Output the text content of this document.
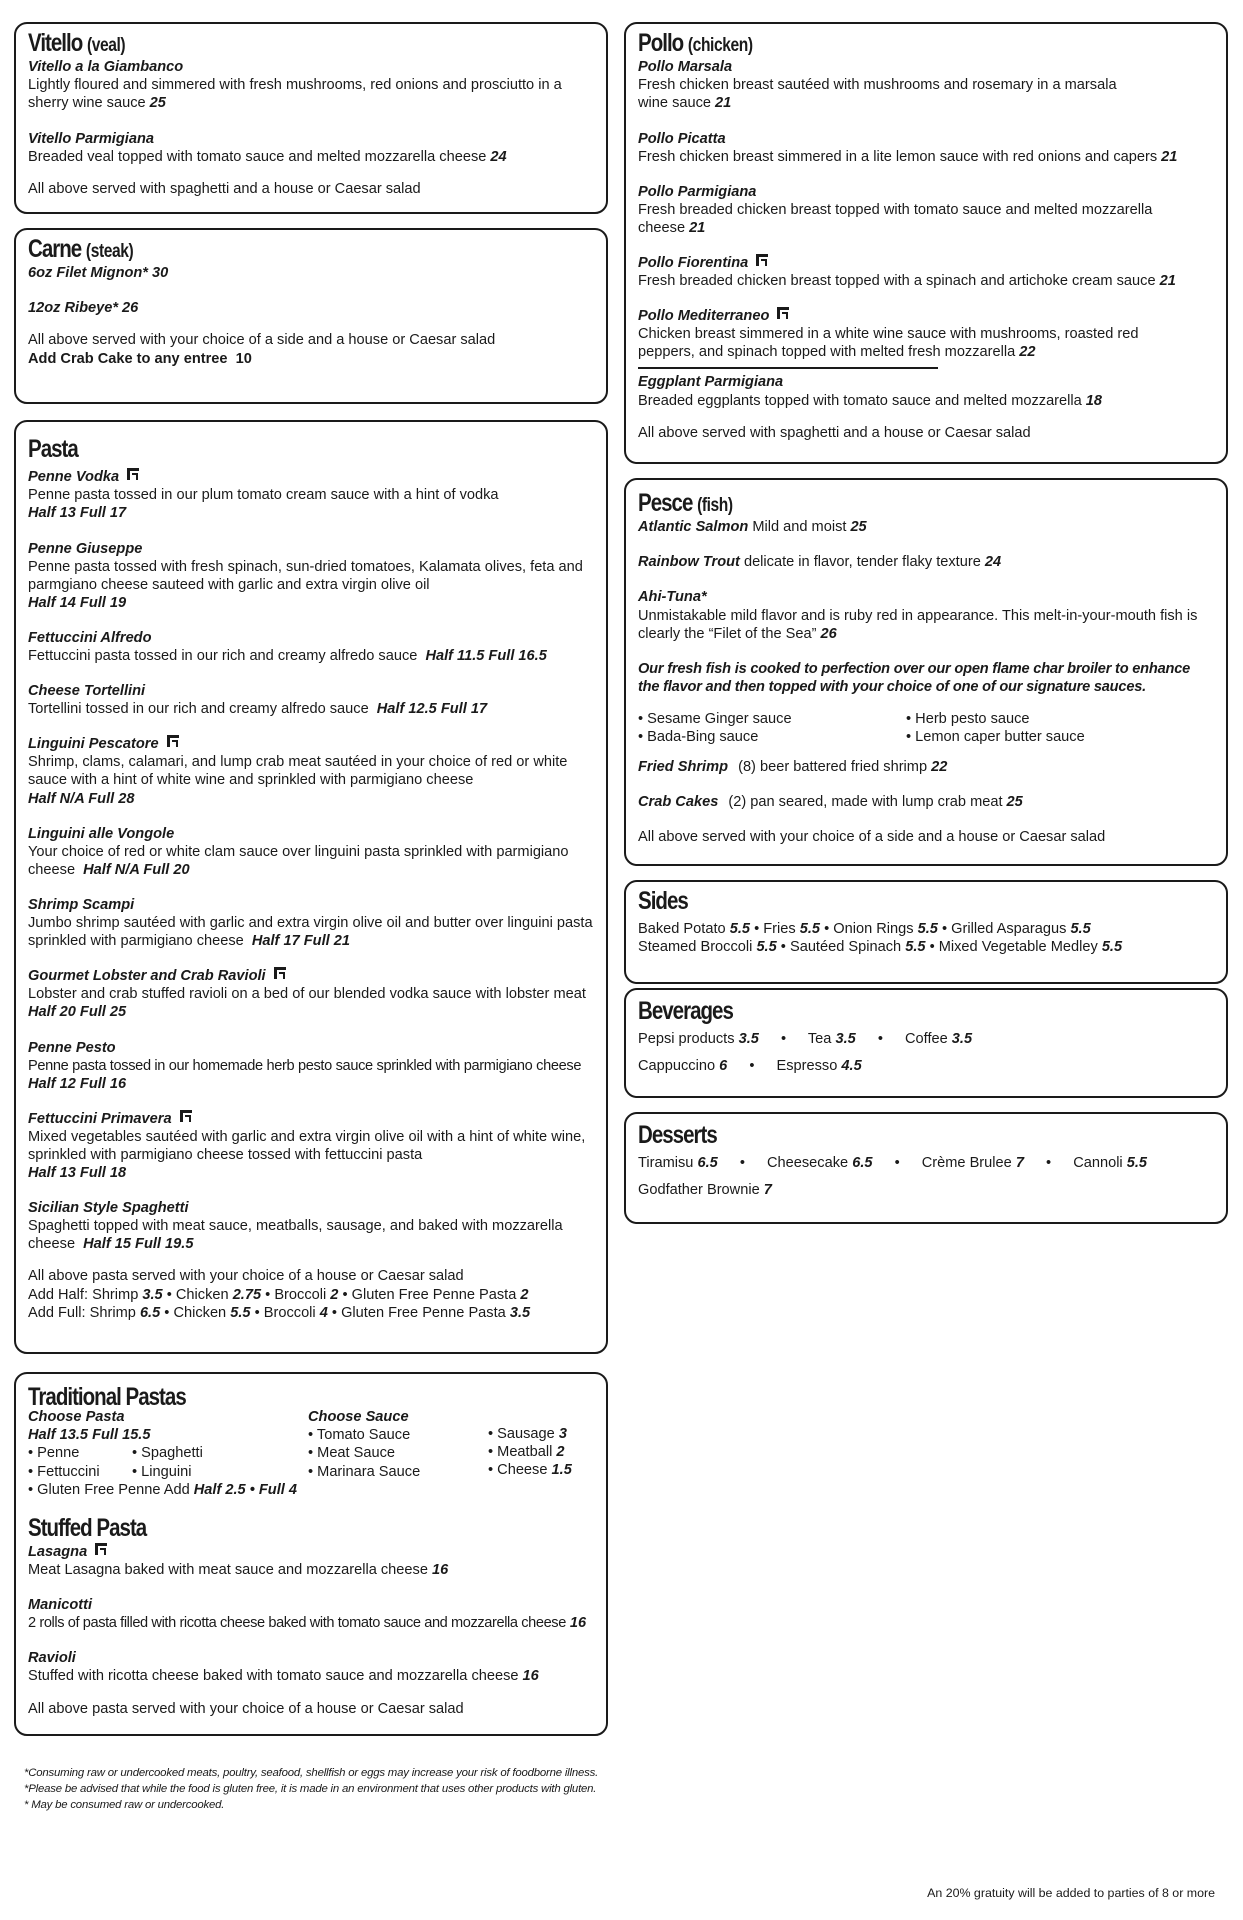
Vitello (veal)
Vitello a la Giambanco
Lightly floured and simmered with fresh mushrooms, red onions and prosciutto in a sherry wine sauce 25
Vitello Parmigiana
Breaded veal topped with tomato sauce and melted mozzarella cheese 24
All above served with spaghetti and a house or Caesar salad
Carne (steak)
6oz Filet Mignon* 30
12oz Ribeye* 26
All above served with your choice of a side and a house or Caesar salad
Add Crab Cake to any entree 10
Pasta
Penne Vodka
Penne pasta tossed in our plum tomato cream sauce with a hint of vodka
Half 13 Full 17
Penne Giuseppe
Penne pasta tossed with fresh spinach, sun-dried tomatoes, Kalamata olives, feta and parmgiano cheese sauteed with garlic and extra virgin olive oil
Half 14 Full 19
Fettuccini Alfredo
Fettuccini pasta tossed in our rich and creamy alfredo sauce Half 11.5 Full 16.5
Cheese Tortellini
Tortellini tossed in our rich and creamy alfredo sauce Half 12.5 Full 17
Linguini Pescatore
Shrimp, clams, calamari, and lump crab meat sautéed in your choice of red or white sauce with a hint of white wine and sprinkled with parmigiano cheese
Half N/A Full 28
Linguini alle Vongole
Your choice of red or white clam sauce over linguini pasta sprinkled with parmigiano cheese Half N/A Full 20
Shrimp Scampi
Jumbo shrimp sautéed with garlic and extra virgin olive oil and butter over linguini pasta sprinkled with parmigiano cheese Half 17 Full 21
Gourmet Lobster and Crab Ravioli
Lobster and crab stuffed ravioli on a bed of our blended vodka sauce with lobster meat
Half 20 Full 25
Penne Pesto
Penne pasta tossed in our homemade herb pesto sauce sprinkled with parmigiano cheese
Half 12 Full 16
Fettuccini Primavera
Mixed vegetables sautéed with garlic and extra virgin olive oil with a hint of white wine, sprinkled with parmigiano cheese tossed with fettuccini pasta
Half 13 Full 18
Sicilian Style Spaghetti
Spaghetti topped with meat sauce, meatballs, sausage, and baked with mozzarella cheese Half 15 Full 19.5
All above pasta served with your choice of a house or Caesar salad
Add Half: Shrimp 3.5 • Chicken 2.75 • Broccoli 2 • Gluten Free Penne Pasta 2
Add Full: Shrimp 6.5 • Chicken 5.5 • Broccoli 4 • Gluten Free Penne Pasta 3.5
Traditional Pastas
Choose Pasta
Half 13.5 Full 15.5
• Penne	• Spaghetti
• Fettuccini	• Linguini
• Gluten Free Penne Add Half 2.5 • Full 4
Choose Sauce
• Tomato Sauce
• Meat Sauce
• Marinara Sauce
• Sausage 3
• Meatball 2
• Cheese 1.5
Stuffed Pasta
Lasagna
Meat Lasagna baked with meat sauce and mozzarella cheese 16
Manicotti
2 rolls of pasta filled with ricotta cheese baked with tomato sauce and mozzarella cheese 16
Ravioli
Stuffed with ricotta cheese baked with tomato sauce and mozzarella cheese 16
All above pasta served with your choice of a house or Caesar salad
Pollo (chicken)
Pollo Marsala
Fresh chicken breast sautéed with mushrooms and rosemary in a marsala wine sauce 21
Pollo Picatta
Fresh chicken breast simmered in a lite lemon sauce with red onions and capers 21
Pollo Parmigiana
Fresh breaded chicken breast topped with tomato sauce and melted mozzarella cheese 21
Pollo Fiorentina
Fresh breaded chicken breast topped with a spinach and artichoke cream sauce 21
Pollo Mediterraneo
Chicken breast simmered in a white wine sauce with mushrooms, roasted red peppers, and spinach topped with melted fresh mozzarella 22
Eggplant Parmigiana
Breaded eggplants topped with tomato sauce and melted mozzarella 18
All above served with spaghetti and a house or Caesar salad
Pesce (fish)
Atlantic Salmon Mild and moist 25
Rainbow Trout delicate in flavor, tender flaky texture 24
Ahi-Tuna*
Unmistakable mild flavor and is ruby red in appearance. This melt-in-your-mouth fish is clearly the “Filet of the Sea” 26
Our fresh fish is cooked to perfection over our open flame char broiler to enhance the flavor and then topped with your choice of one of our signature sauces.
• Sesame Ginger sauce	• Herb pesto sauce
• Bada-Bing sauce	• Lemon caper butter sauce
Fried Shrimp (8) beer battered fried shrimp 22
Crab Cakes (2) pan seared, made with lump crab meat 25
All above served with your choice of a side and a house or Caesar salad
Sides
Baked Potato 5.5 • Fries 5.5 • Onion Rings 5.5 • Grilled Asparagus 5.5
Steamed Broccoli 5.5 • Sautéed Spinach 5.5 • Mixed Vegetable Medley 5.5
Beverages
Pepsi products 3.5 • Tea 3.5 • Coffee 3.5
Cappuccino 6 • Espresso 4.5
Desserts
Tiramisu 6.5 • Cheesecake 6.5 • Crème Brulee 7 • Cannoli 5.5
Godfather Brownie 7
*Consuming raw or undercooked meats, poultry, seafood, shellfish or eggs may increase your risk of foodborne illness.
*Please be advised that while the food is gluten free, it is made in an environment that uses other products with gluten.
* May be consumed raw or undercooked.
An 20% gratuity will be added to parties of 8 or more
